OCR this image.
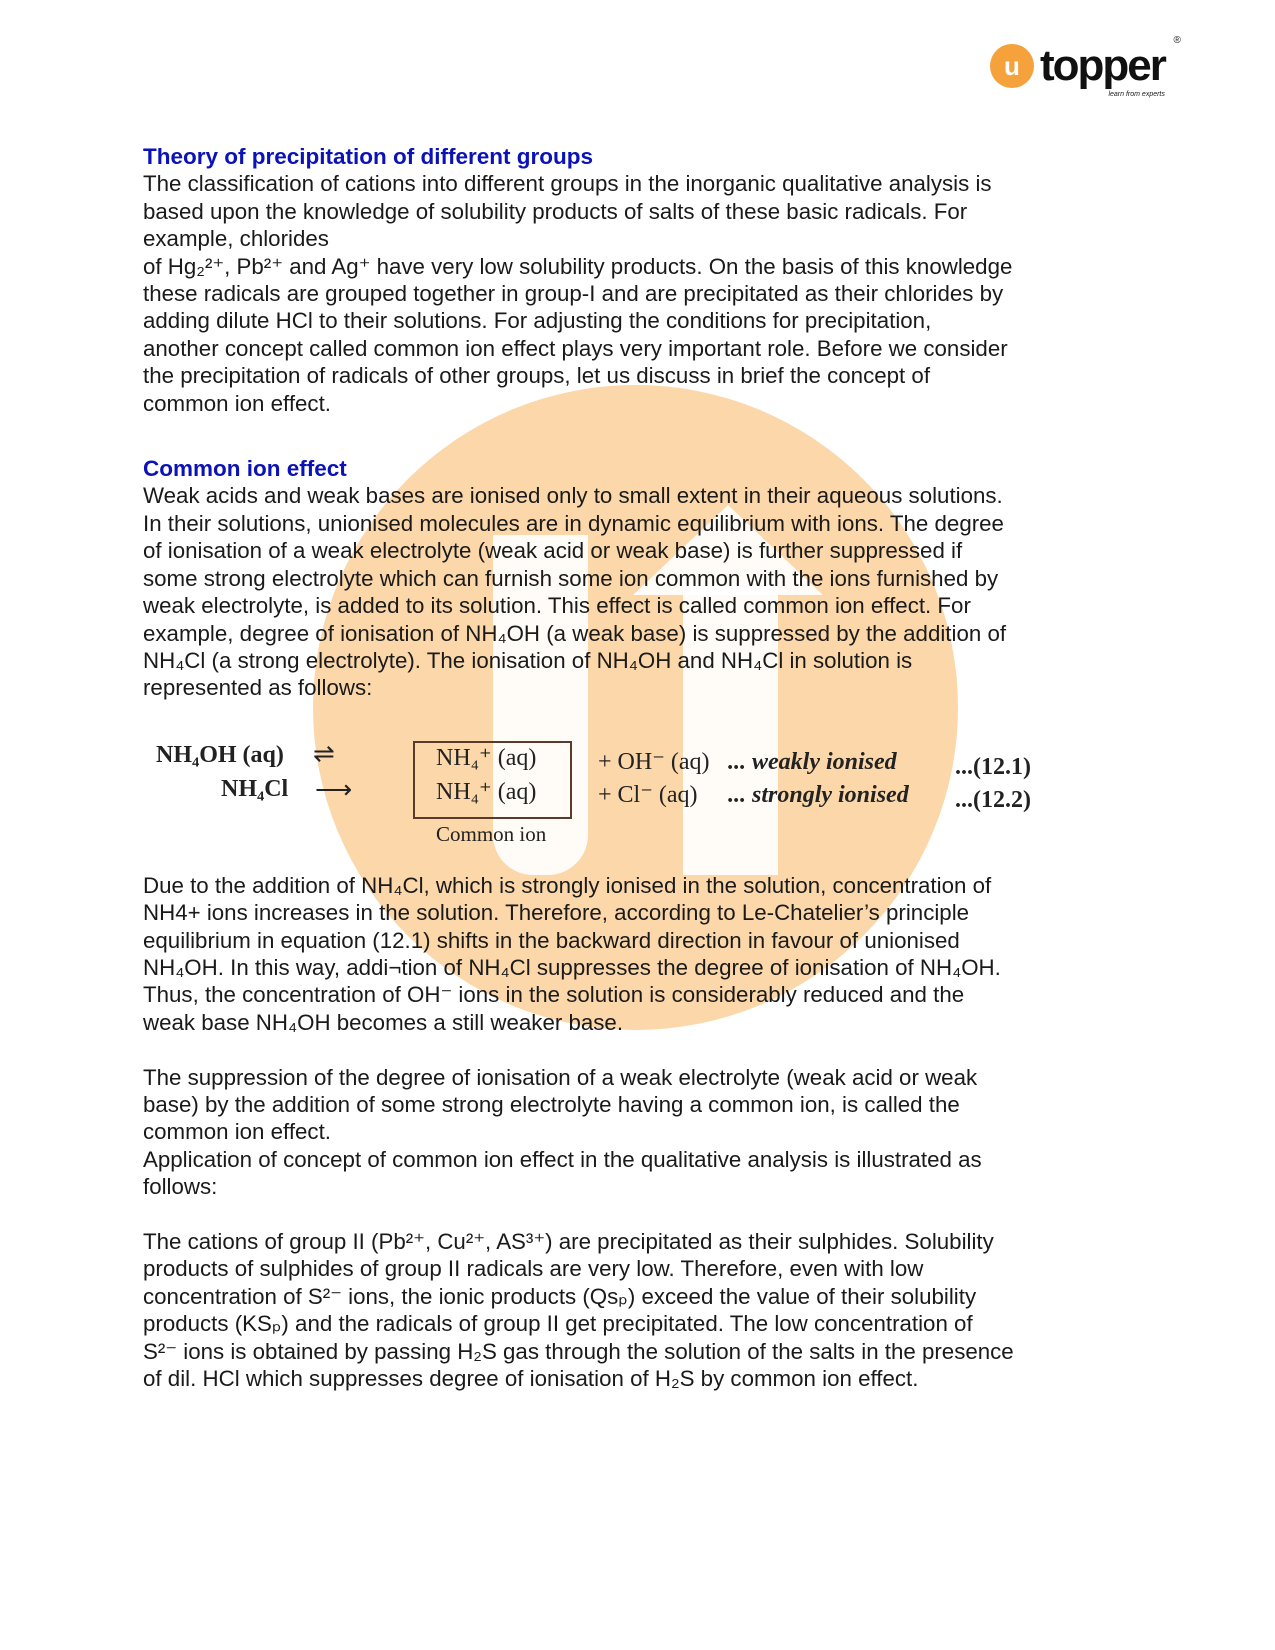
u topper
learn from experts
®
Theory of precipitation of different groups
The classification of cations into different groups in the inorganic qualitative analysis is
based upon the knowledge of solubility products of salts of these basic radicals. For
example, chlorides
of Hg₂²⁺, Pb²⁺ and Ag⁺ have very low solubility products. On the basis of this knowledge
these radicals are grouped together in group-I and are precipitated as their chlorides by
adding dilute HCl to their solutions. For adjusting the conditions for precipitation,
another concept called common ion effect plays very important role. Before we consider
the precipitation of radicals of other groups, let us discuss in brief the concept of
common ion effect.
Common ion effect
Weak acids and weak bases are ionised only to small extent in their aqueous solutions.
In their solutions, unionised molecules are in dynamic equilibrium with ions. The degree
of ionisation of a weak electrolyte (weak acid or weak base) is further suppressed if
some strong electrolyte which can furnish some ion common with the ions furnished by
weak electrolyte, is added to its solution. This effect is called common ion effect. For
example, degree of ionisation of NH₄OH (a weak base) is suppressed by the addition of
NH₄Cl (a strong electrolyte). The ionisation of NH₄OH and NH₄Cl in solution is
represented as follows:
NH₄OH (aq) ⇌	NH₄⁺ (aq)	+ OH⁻ (aq) ... weakly ionised ...(12.1)
NH₄Cl ⟶	NH₄⁺ (aq)	+ Cl⁻ (aq) ... strongly ionised ...(12.2)
Common ion
Due to the addition of NH₄Cl, which is strongly ionised in the solution, concentration of
NH4+ ions increases in the solution. Therefore, according to Le-Chatelier’s principle
equilibrium in equation (12.1) shifts in the backward direction in favour of unionised
NH₄OH. In this way, addi¬tion of NH₄Cl suppresses the degree of ionisation of NH₄OH.
Thus, the concentration of OH⁻ ions in the solution is considerably reduced and the
weak base NH₄OH becomes a still weaker base.
The suppression of the degree of ionisation of a weak electrolyte (weak acid or weak
base) by the addition of some strong electrolyte having a common ion, is called the
common ion effect.
Application of concept of common ion effect in the qualitative analysis is illustrated as
follows:
The cations of group II (Pb²⁺, Cu²⁺, AS³⁺) are precipitated as their sulphides. Solubility
products of sulphides of group II radicals are very low. Therefore, even with low
concentration of S²⁻ ions, the ionic products (Qsₚ) exceed the value of their solubility
products (KSₚ) and the radicals of group II get precipitated. The low concentration of
S²⁻ ions is obtained by passing H₂S gas through the solution of the salts in the presence
of dil. HCl which suppresses degree of ionisation of H₂S by common ion effect.
